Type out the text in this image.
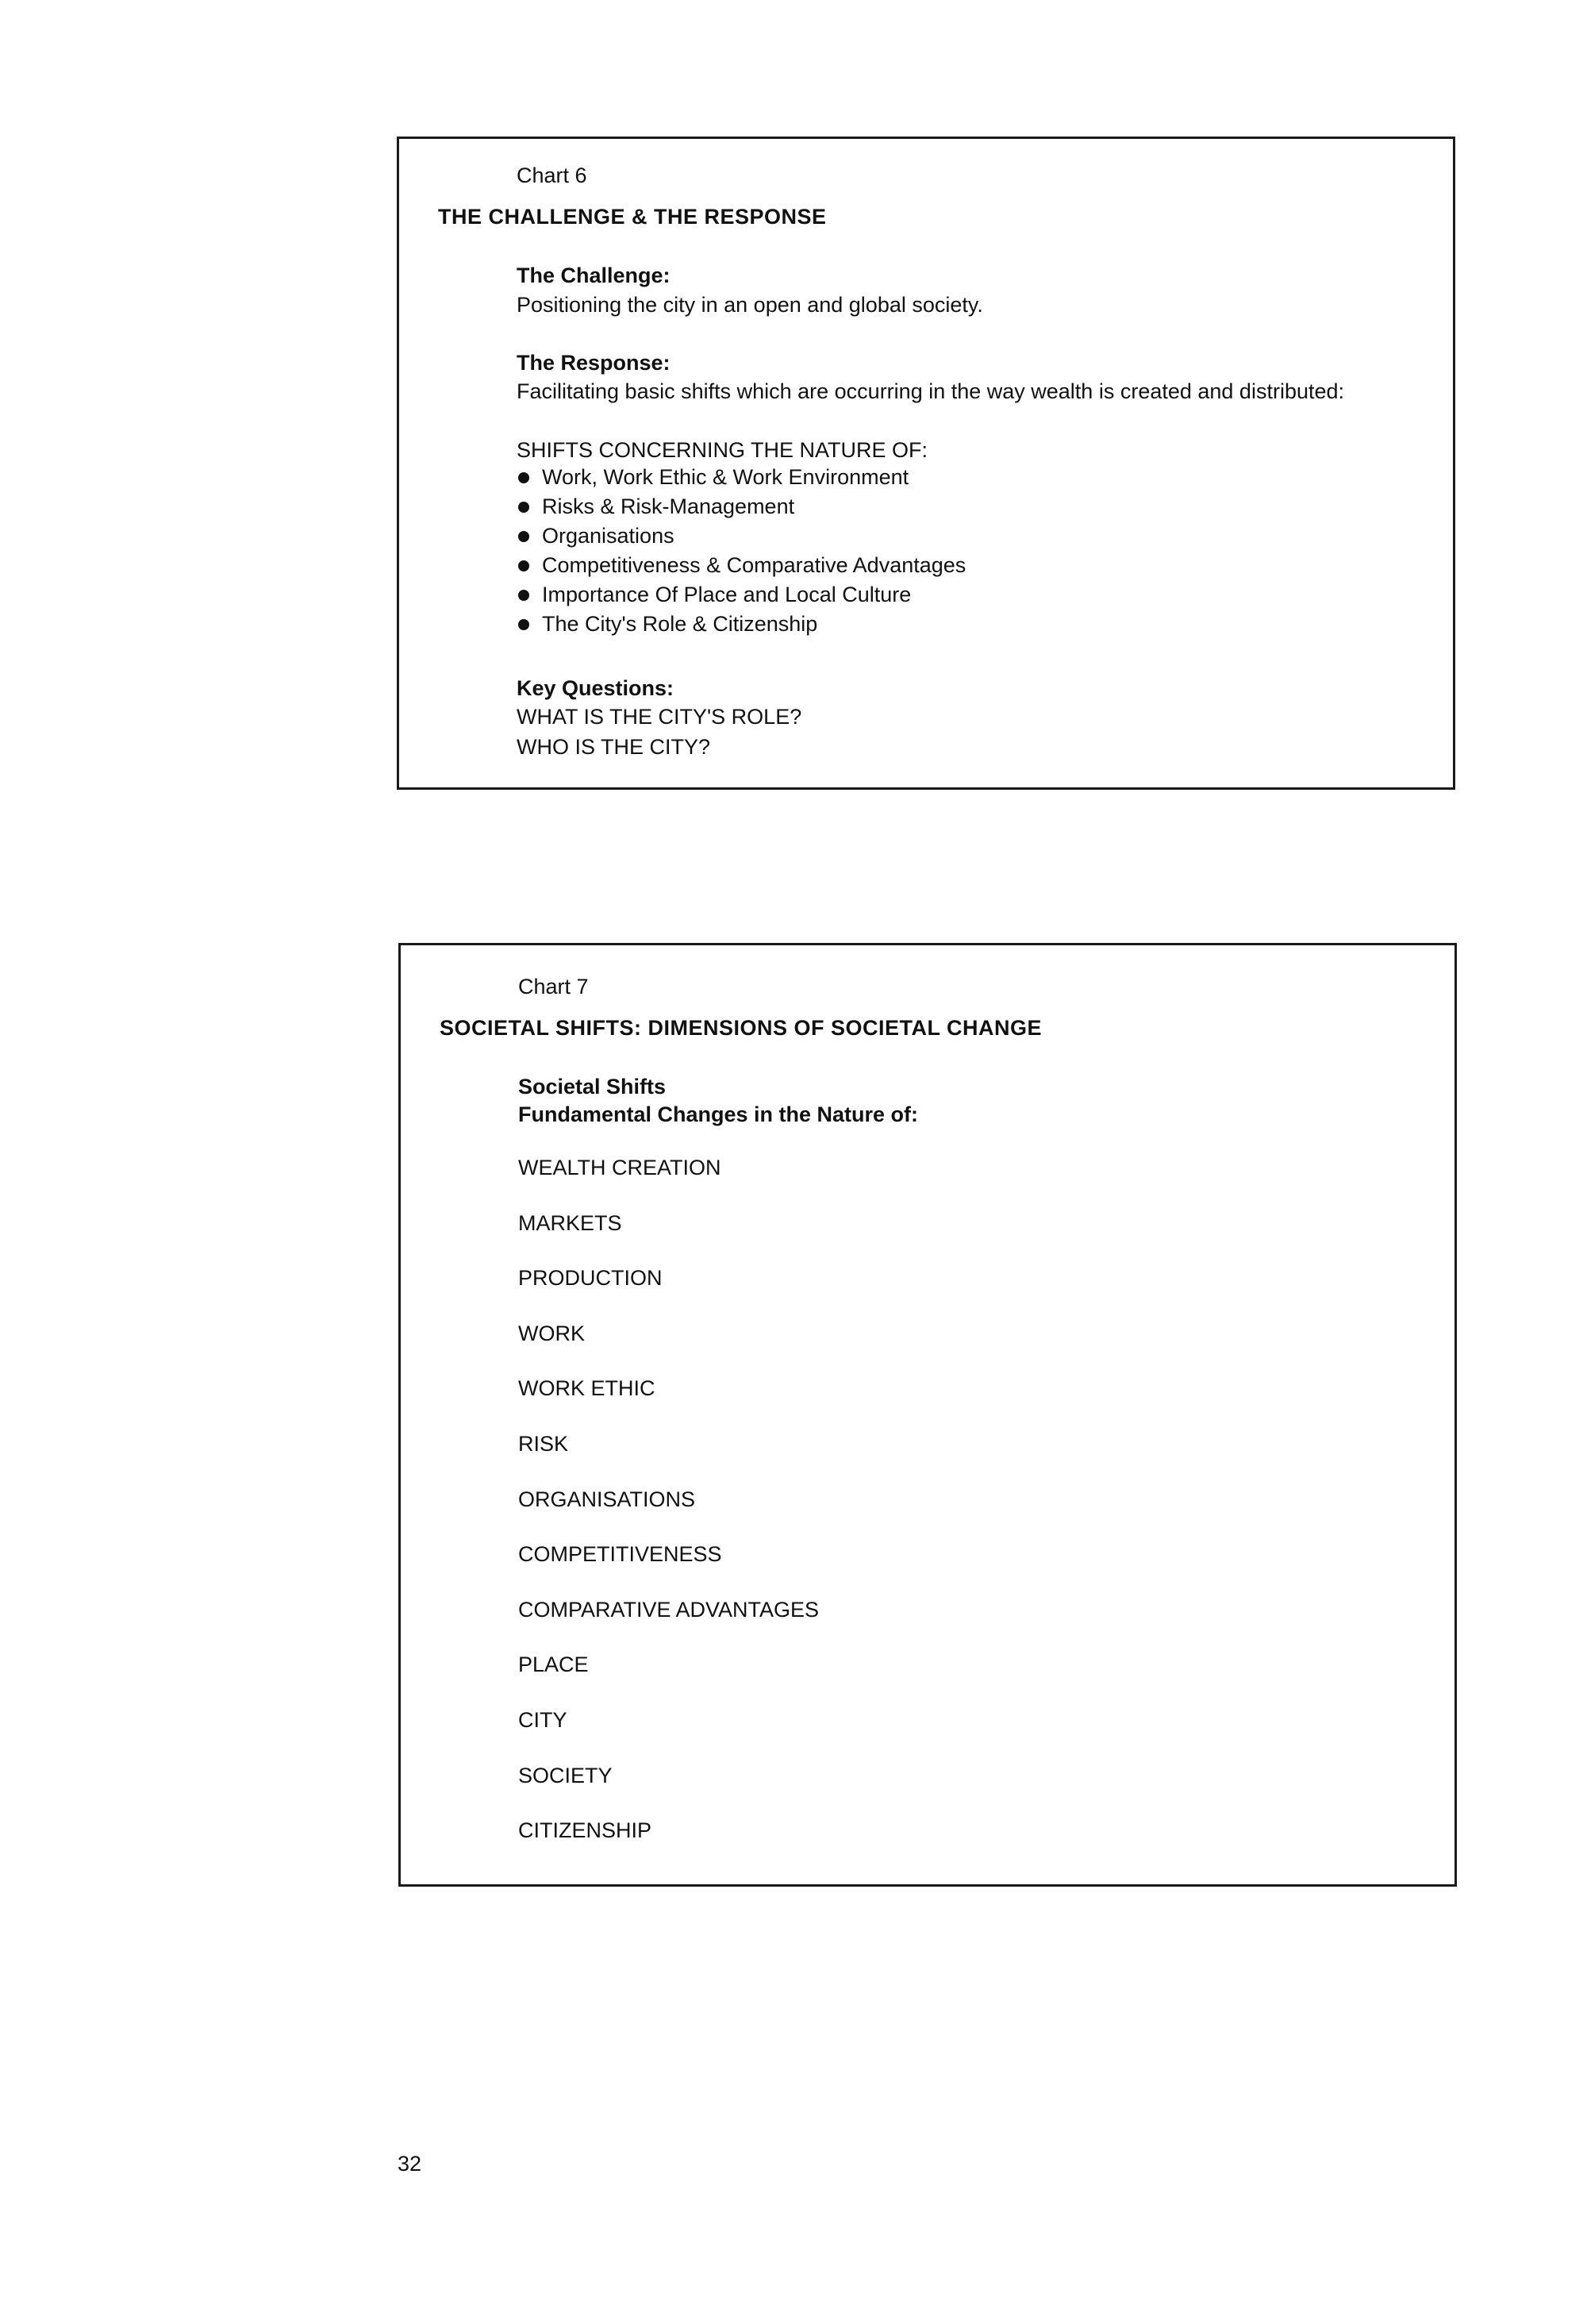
Chart 6
THE CHALLENGE & THE RESPONSE
The Challenge:
Positioning the city in an open and global society.
The Response:
Facilitating basic shifts which are occurring in the way wealth is created and distributed:
SHIFTS CONCERNING THE NATURE OF:
Work, Work Ethic & Work Environment
Risks & Risk-Management
Organisations
Competitiveness & Comparative Advantages
Importance Of Place and Local Culture
The City's Role & Citizenship
Key Questions:
WHAT IS THE CITY'S ROLE?
WHO IS THE CITY?
Chart 7
SOCIETAL SHIFTS: DIMENSIONS OF SOCIETAL CHANGE
Societal Shifts
Fundamental Changes in the Nature of:
WEALTH CREATION
MARKETS
PRODUCTION
WORK
WORK ETHIC
RISK
ORGANISATIONS
COMPETITIVENESS
COMPARATIVE ADVANTAGES
PLACE
CITY
SOCIETY
CITIZENSHIP
32
